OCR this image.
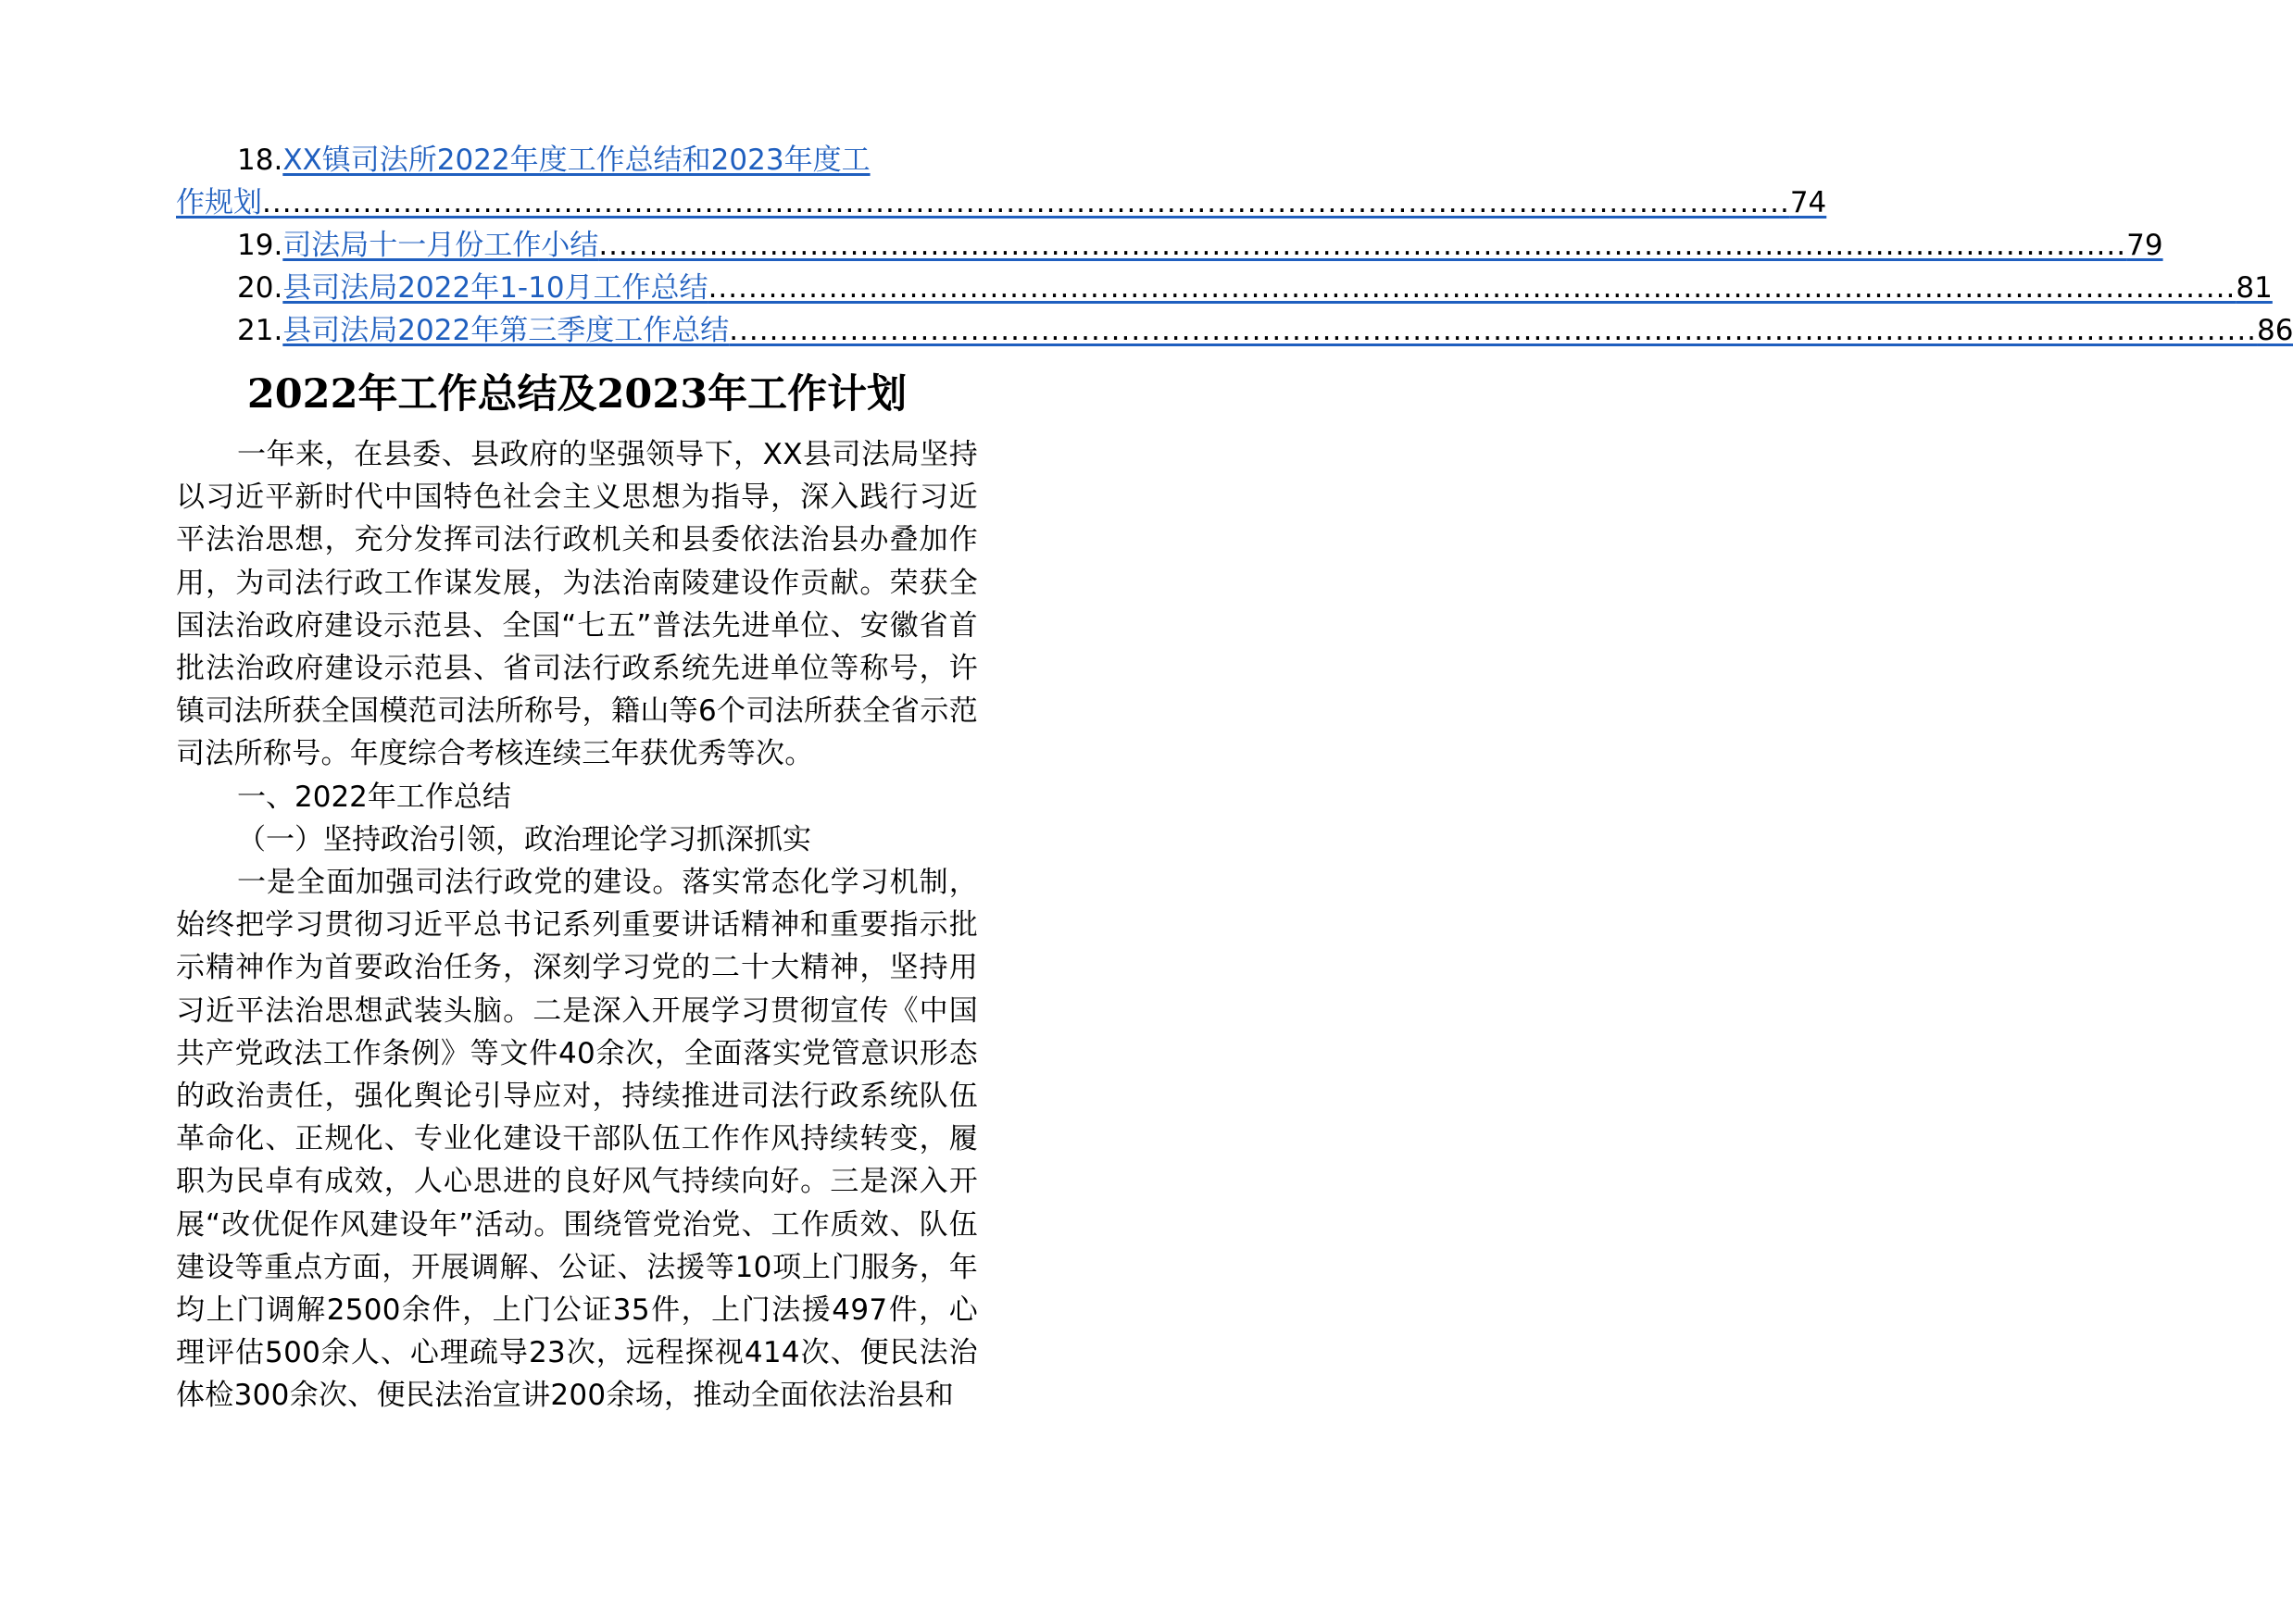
18. XX镇司法所2022年度工作总结和2023年度工
作规划 ........................................................................................................................................................ 74
19. 司法局十一月份工作小结 ........................................................................................................................................................ 79
20. 县司法局2022年1-10月工作总结 ........................................................................................................................................................ 81
21. 县司法局2022年第三季度工作总结 ........................................................................................................................................................ 86
2022年工作总结及2023年工作计划

一年来，在县委、县政府的坚强领导下，XX县司法局坚持以习近平新时代中国特色社会主义思想为指导，深入践行习近平法治思想，充分发挥司法行政机关和县委依法治县办叠加作用，为司法行政工作谋发展，为法治南陵建设作贡献。荣获全国法治政府建设示范县、全国“七五”普法先进单位、安徽省首批法治政府建设示范县、省司法行政系统先进单位等称号，许镇司法所获全国模范司法所称号，籍山等6个司法所获全省示范司法所称号。年度综合考核连续三年获优秀等次。

一、2022年工作总结

（一）坚持政治引领，政治理论学习抓深抓实

一是全面加强司法行政党的建设。落实常态化学习机制，始终把学习贯彻习近平总书记系列重要讲话精神和重要指示批示精神作为首要政治任务，深刻学习党的二十大精神，坚持用习近平法治思想武装头脑。二是深入开展学习贯彻宣传《中国共产党政法工作条例》等文件40余次，全面落实党管意识形态的政治责任，强化舆论引导应对，持续推进司法行政系统队伍革命化、正规化、专业化建设干部队伍工作作风持续转变，履职为民卓有成效，人心思进的良好风气持续向好。三是深入开展“改优促作风建设年”活动。围绕管党治党、工作质效、队伍建设等重点方面，开展调解、公证、法援等10项上门服务，年均上门调解2500余件，上门公证35件，上门法援497件，心理评估500余人、心理疏导23次，远程探视414次、便民法治体检300余次、便民法治宣讲200余场，推动全面依法治县和
